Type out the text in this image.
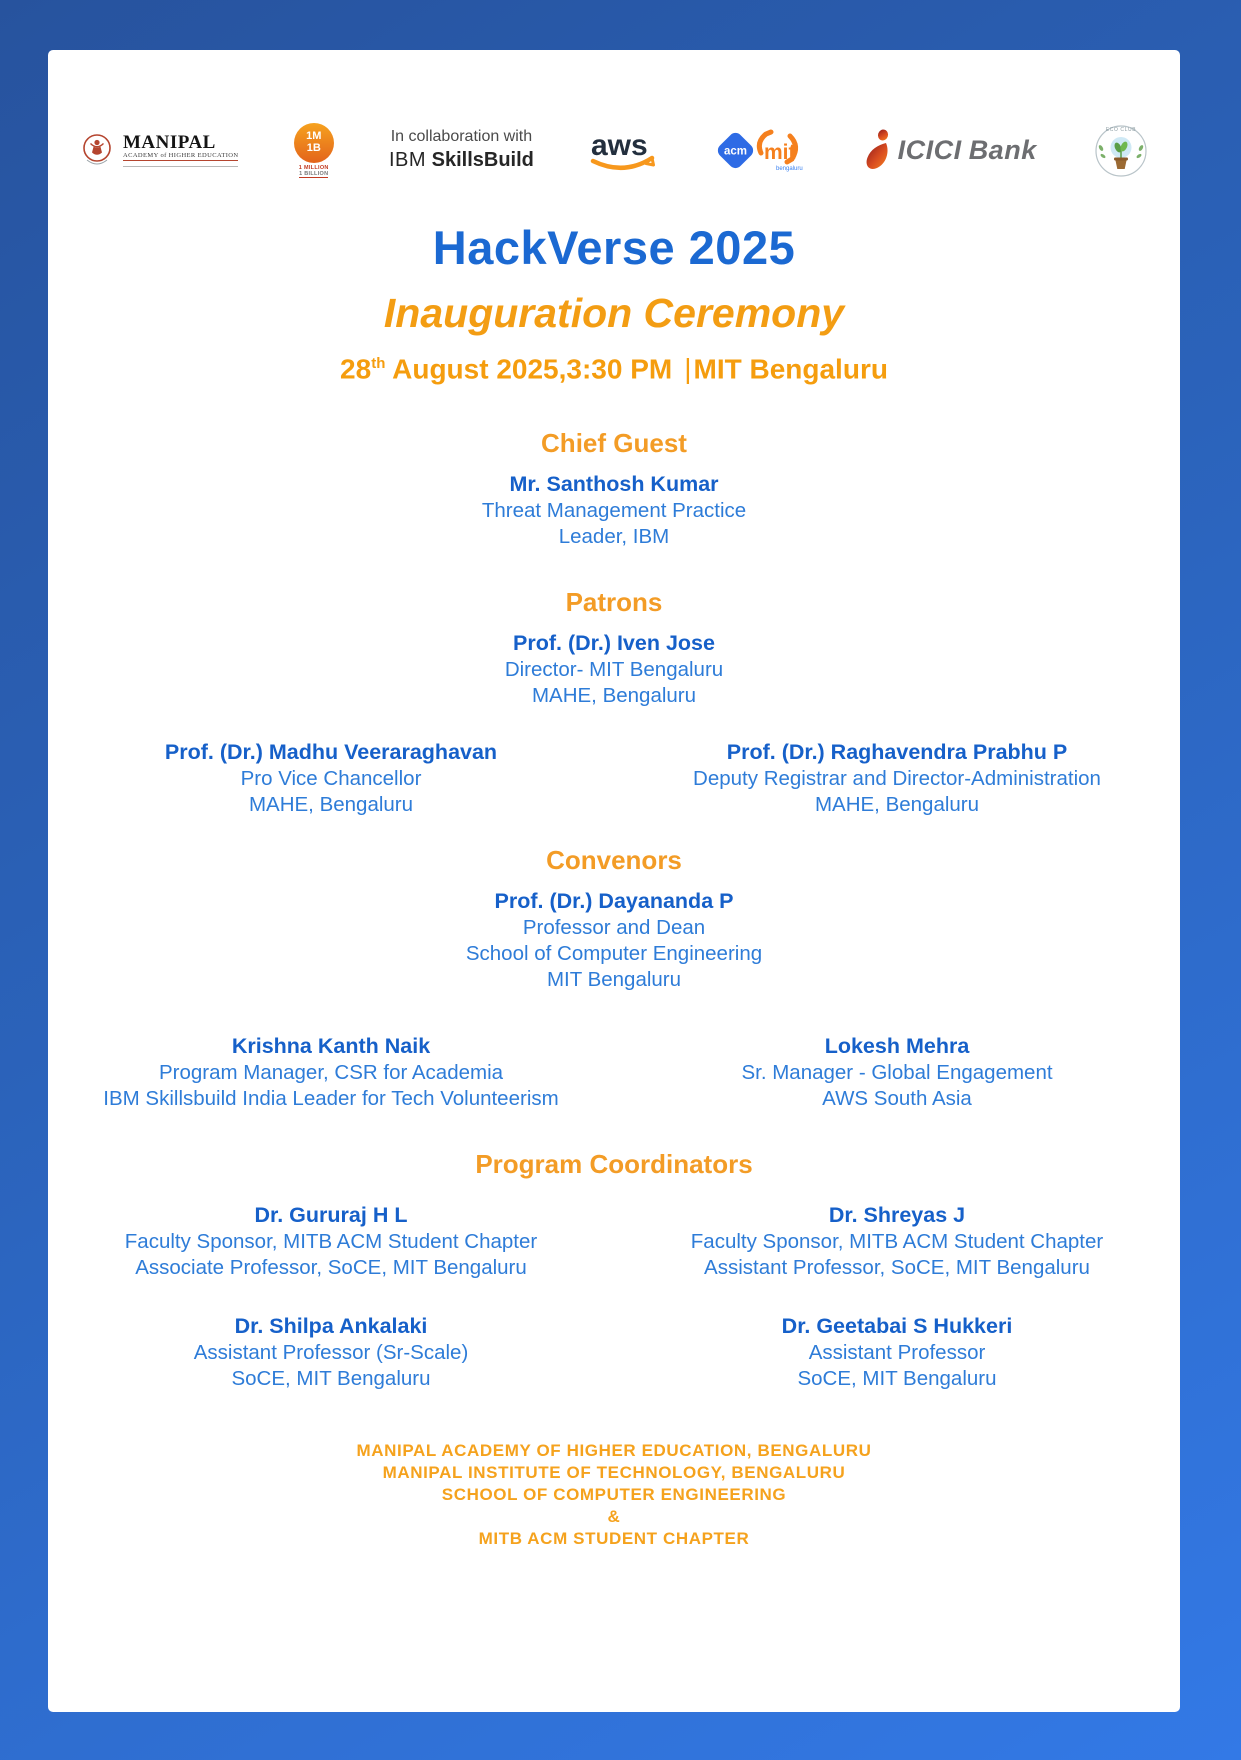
MANIPAL
ACADEMY of HIGHER EDUCATION
1M
1B
1 MILLION
1 BILLION
In collaboration with
IBM SkillsBuild aws	acm mit
bengaluru
ICICI Bank
ECO CLUB
HackVerse 2025
Inauguration Ceremony
28th August 2025,3:30 PM |MIT Bengaluru
Chief Guest
Mr. Santhosh Kumar
Threat Management Practice
Leader, IBM
Patrons
Prof. (Dr.) Iven Jose
Director- MIT Bengaluru
MAHE, Bengaluru
Prof. (Dr.) Madhu Veeraraghavan
Pro Vice Chancellor
MAHE, Bengaluru
Prof. (Dr.) Raghavendra Prabhu P
Deputy Registrar and Director-Administration
MAHE, Bengaluru
Convenors
Prof. (Dr.) Dayananda P
Professor and Dean
School of Computer Engineering
MIT Bengaluru
Krishna Kanth Naik
Program Manager, CSR for Academia
IBM Skillsbuild India Leader for Tech Volunteerism
Lokesh Mehra
Sr. Manager - Global Engagement
AWS South Asia
Program Coordinators
Dr. Gururaj H L
Faculty Sponsor, MITB ACM Student Chapter
Associate Professor, SoCE, MIT Bengaluru
Dr. Shreyas J
Faculty Sponsor, MITB ACM Student Chapter
Assistant Professor, SoCE, MIT Bengaluru
Dr. Shilpa Ankalaki
Assistant Professor (Sr-Scale)
SoCE, MIT Bengaluru
Dr. Geetabai S Hukkeri
Assistant Professor
SoCE, MIT Bengaluru
MANIPAL ACADEMY OF HIGHER EDUCATION, BENGALURU
MANIPAL INSTITUTE OF TECHNOLOGY, BENGALURU
SCHOOL OF COMPUTER ENGINEERING
&
MITB ACM STUDENT CHAPTER
